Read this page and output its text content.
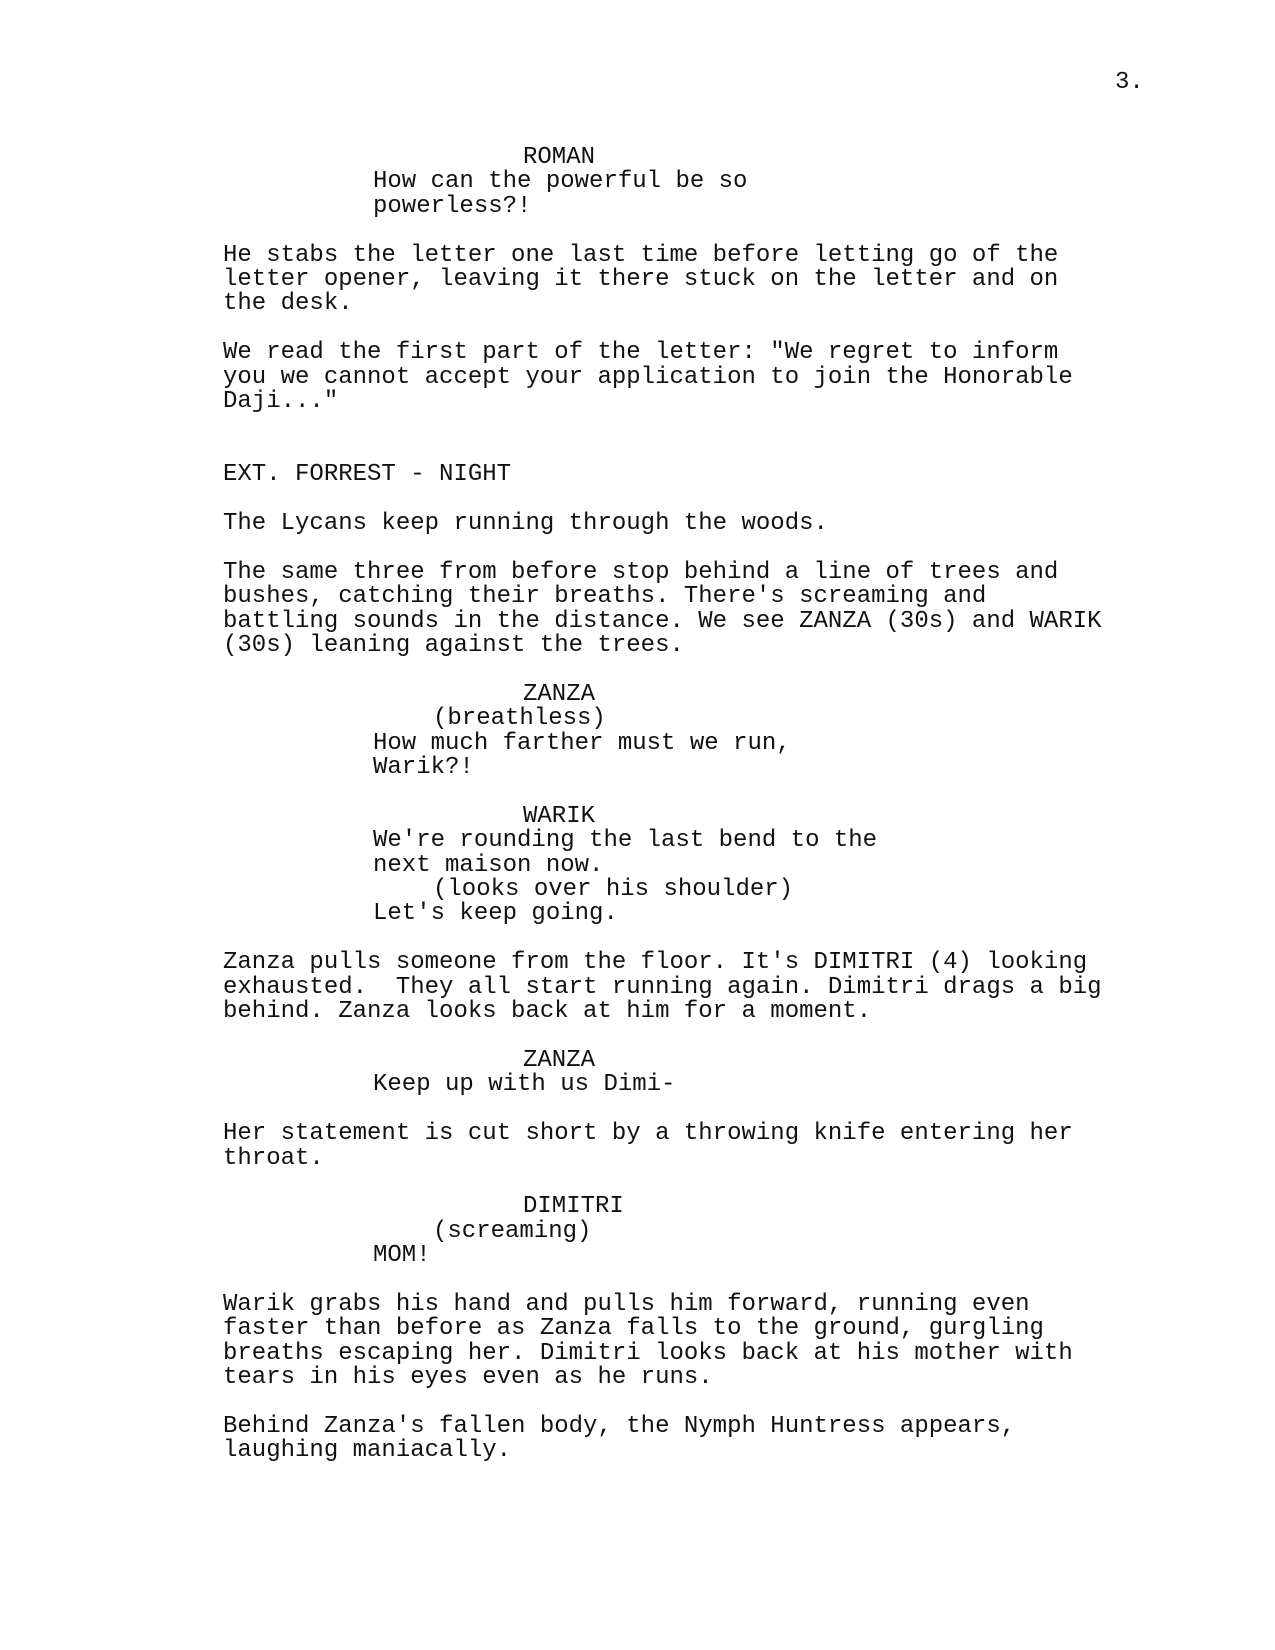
3.

ROMAN

How can the powerful be so
powerless?!

He stabs the letter one last time before letting go of the
letter opener, leaving it there stuck on the letter and on
the desk.

We read the first part of the letter: "We regret to inform
you we cannot accept your application to join the Honorable
Daji..."

EXT. FORREST - NIGHT

The Lycans keep running through the woods.

The same three from before stop behind a line of trees and
bushes, catching their breaths. There's screaming and
battling sounds in the distance. We see ZANZA (30s) and WARIK
(30s) leaning against the trees.

ZANZA

(breathless)

How much farther must we run,
Warik?!

WARIK

We're rounding the last bend to the
next maison now.

(looks over his shoulder)

Let's keep going.

Zanza pulls someone from the floor. It's DIMITRI (4) looking
exhausted.  They all start running again. Dimitri drags a big
behind. Zanza looks back at him for a moment.

ZANZA

Keep up with us Dimi-

Her statement is cut short by a throwing knife entering her
throat.

DIMITRI

(screaming)

MOM!

Warik grabs his hand and pulls him forward, running even
faster than before as Zanza falls to the ground, gurgling
breaths escaping her. Dimitri looks back at his mother with
tears in his eyes even as he runs.

Behind Zanza's fallen body, the Nymph Huntress appears,
laughing maniacally.
